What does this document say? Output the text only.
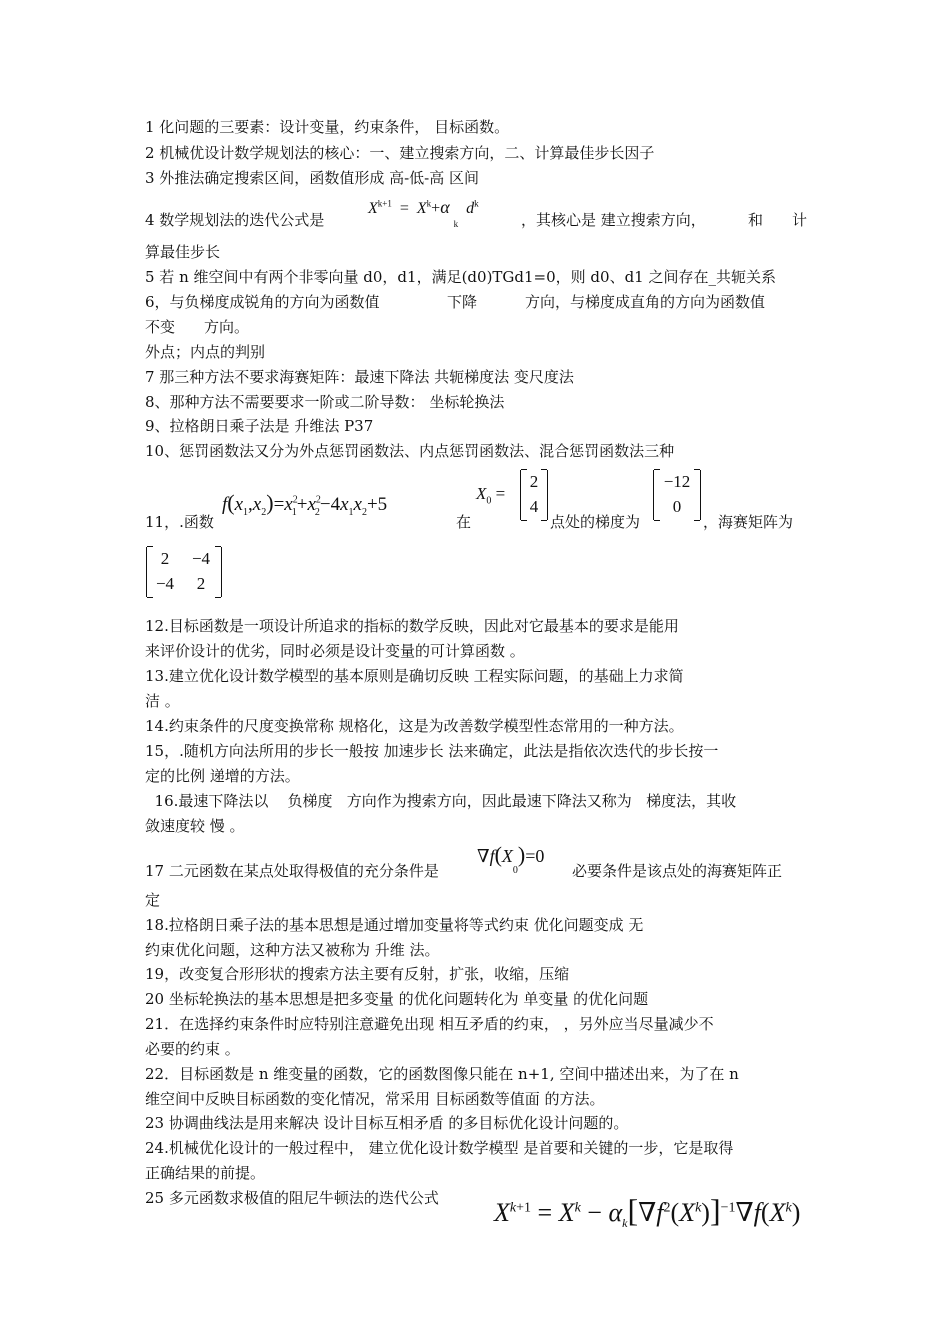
1 化问题的三要素：设计变量，约束条件， 目标函数。
2 机械优设计数学规划法的核心：一、建立搜索方向，二、计算最佳步长因子
3 外推法确定搜索区间，函数值形成 高-低-高 区间
4 数学规划法的迭代公式是
$X^{k+1} = X^k+\alpha$ $_k$  $d^k$
，其核心是 建立搜索方向，	和 计
算最佳步长
5 若 n 维空间中有两个非零向量 d0，d1，满足(d0)TGd1=0，则 d0、d1 之间存在_共轭关系
6，与负梯度成锐角的方向为函数值	下降	方向，与梯度成直角的方向为函数值
不变 方向。
外点；内点的判别
7 那三种方法不要求海赛矩阵：最速下降法 共轭梯度法 变尺度法
8、那种方法不需要要求一阶或二阶导数： 坐标轮换法
9、拉格朗日乘子法是 升维法 P37
10、惩罚函数法又分为外点惩罚函数法、内点惩罚函数法、混合惩罚函数法三种
11，.函数
$f(x_1,x_2)=x^2_1+x^2_2-4x_1x_2+5$
在
$X_0$ =
2
4
点处的梯度为
−12
0
，海赛矩阵为
2	−4
−4	2
12.目标函数是一项设计所追求的指标的数学反映，因此对它最基本的要求是能用
来评价设计的优劣，同时必须是设计变量的可计算函数 。
13.建立优化设计数学模型的基本原则是确切反映 工程实际问题，的基础上力求简
洁 。
14.约束条件的尺度变换常称 规格化，这是为改善数学模型性态常用的一种方法。
15，.随机方向法所用的步长一般按 加速步长 法来确定，此法是指依次迭代的步长按一
定的比例 递增的方法。
16.最速下降法以    负梯度   方向作为搜索方向，因此最速下降法又称为   梯度法，其收
敛速度较 慢 。
17 二元函数在某点处取得极值的充分条件是
$\nabla f(X_0)=0$
必要条件是该点处的海赛矩阵正
定
18.拉格朗日乘子法的基本思想是通过增加变量将等式约束 优化问题变成 无
约束优化问题，这种方法又被称为 升维 法。
19，改变复合形形状的搜索方法主要有反射，扩张，收缩，压缩
20 坐标轮换法的基本思想是把多变量 的优化问题转化为 单变量 的优化问题
21．在选择约束条件时应特别注意避免出现 相互矛盾的约束， ，另外应当尽量减少不
必要的约束 。
22．目标函数是 n 维变量的函数，它的函数图像只能在 n+1, 空间中描述出来，为了在 n
维空间中反映目标函数的变化情况，常采用 目标函数等值面 的方法。
23 协调曲线法是用来解决 设计目标互相矛盾 的多目标优化设计问题的。
24.机械优化设计的一般过程中， 建立优化设计数学模型 是首要和关键的一步，它是取得
正确结果的前提。
25 多元函数求极值的阻尼牛顿法的迭代公式 $X^{k+1} = X^k - \alpha_k[\nabla f^2(X^k)]^{-1}\nabla f(X^k)$
